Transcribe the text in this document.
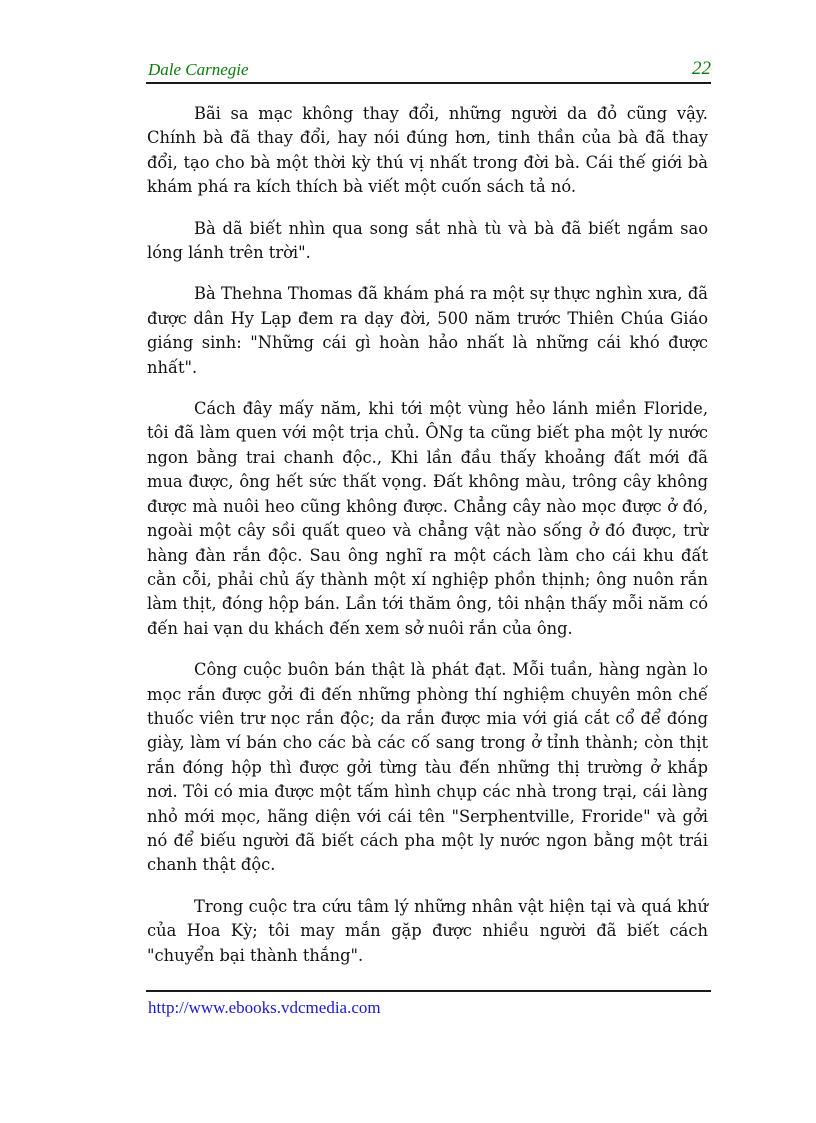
Dale Carnegie	22

Bãi sa mạc không thay đổi, những người da đỏ cũng vậy. Chính bà đã thay đổi, hay nói đúng hơn, tinh thần của bà đã thay đổi, tạo cho bà một thời kỳ thú vị nhất trong đời bà. Cái thế giới bà khám phá ra kích thích bà viết một cuốn sách tả nó.

Bà dã biết nhìn qua song sắt nhà tù và bà đã biết ngắm sao lóng lánh trên trời".

Bà Thehna Thomas đã khám phá ra một sự thực nghìn xưa, đã được dân Hy Lạp đem ra dạy đời, 500 năm trước Thiên Chúa Giáo giáng sinh: "Những cái gì hoàn hảo nhất là những cái khó được nhất".

Cách đây mấy năm, khi tới một vùng hẻo lánh miền Floride, tôi đã làm quen với một trịa chủ. ÔNg ta cũng biết pha một ly nước ngon bằng trai chanh độc., Khi lần đầu thấy khoảng đất mới đã mua được, ông hết sức thất vọng. Đất không màu, trông cây không được mà nuôi heo cũng không được. Chẳng cây nào mọc được ở đó, ngoài một cây sồi quất queo và chẳng vật nào sống ở đó được, trừ hàng đàn rắn độc. Sau ông nghĩ ra một cách làm cho cái khu đất cằn cỗi, phải chủ ấy thành một xí nghiệp phồn thịnh; ông nuôn rắn làm thịt, đóng hộp bán. Lần tới thăm ông, tôi nhận thấy mỗi năm có đến hai vạn du khách đến xem sở nuôi rắn của ông.

Công cuộc buôn bán thật là phát đạt. Mỗi tuần, hàng ngàn lo mọc rắn được gởi đi đến những phòng thí nghiệm chuyên môn chế thuốc viên trư nọc rắn độc; da rắn được mia với giá cắt cổ để đóng giày, làm ví bán cho các bà các cố sang trong ở tỉnh thành; còn thịt rắn đóng hộp thì được gởi từng tàu đến những thị trường ở khắp nơi. Tôi có mia được một tấm hình chụp các nhà trong trại, cái làng nhỏ mới mọc, hãng diện với cái tên "Serphentville, Froride" và gởi nó để biếu người đã biết cách pha một ly nước ngon bằng một trái chanh thật độc.

Trong cuộc tra cứu tâm lý những nhân vật hiện tại và quá khứ của Hoa Kỳ; tôi may mắn gặp được nhiều người đã biết cách "chuyển bại thành thắng".

http://www.ebooks.vdcmedia.com
